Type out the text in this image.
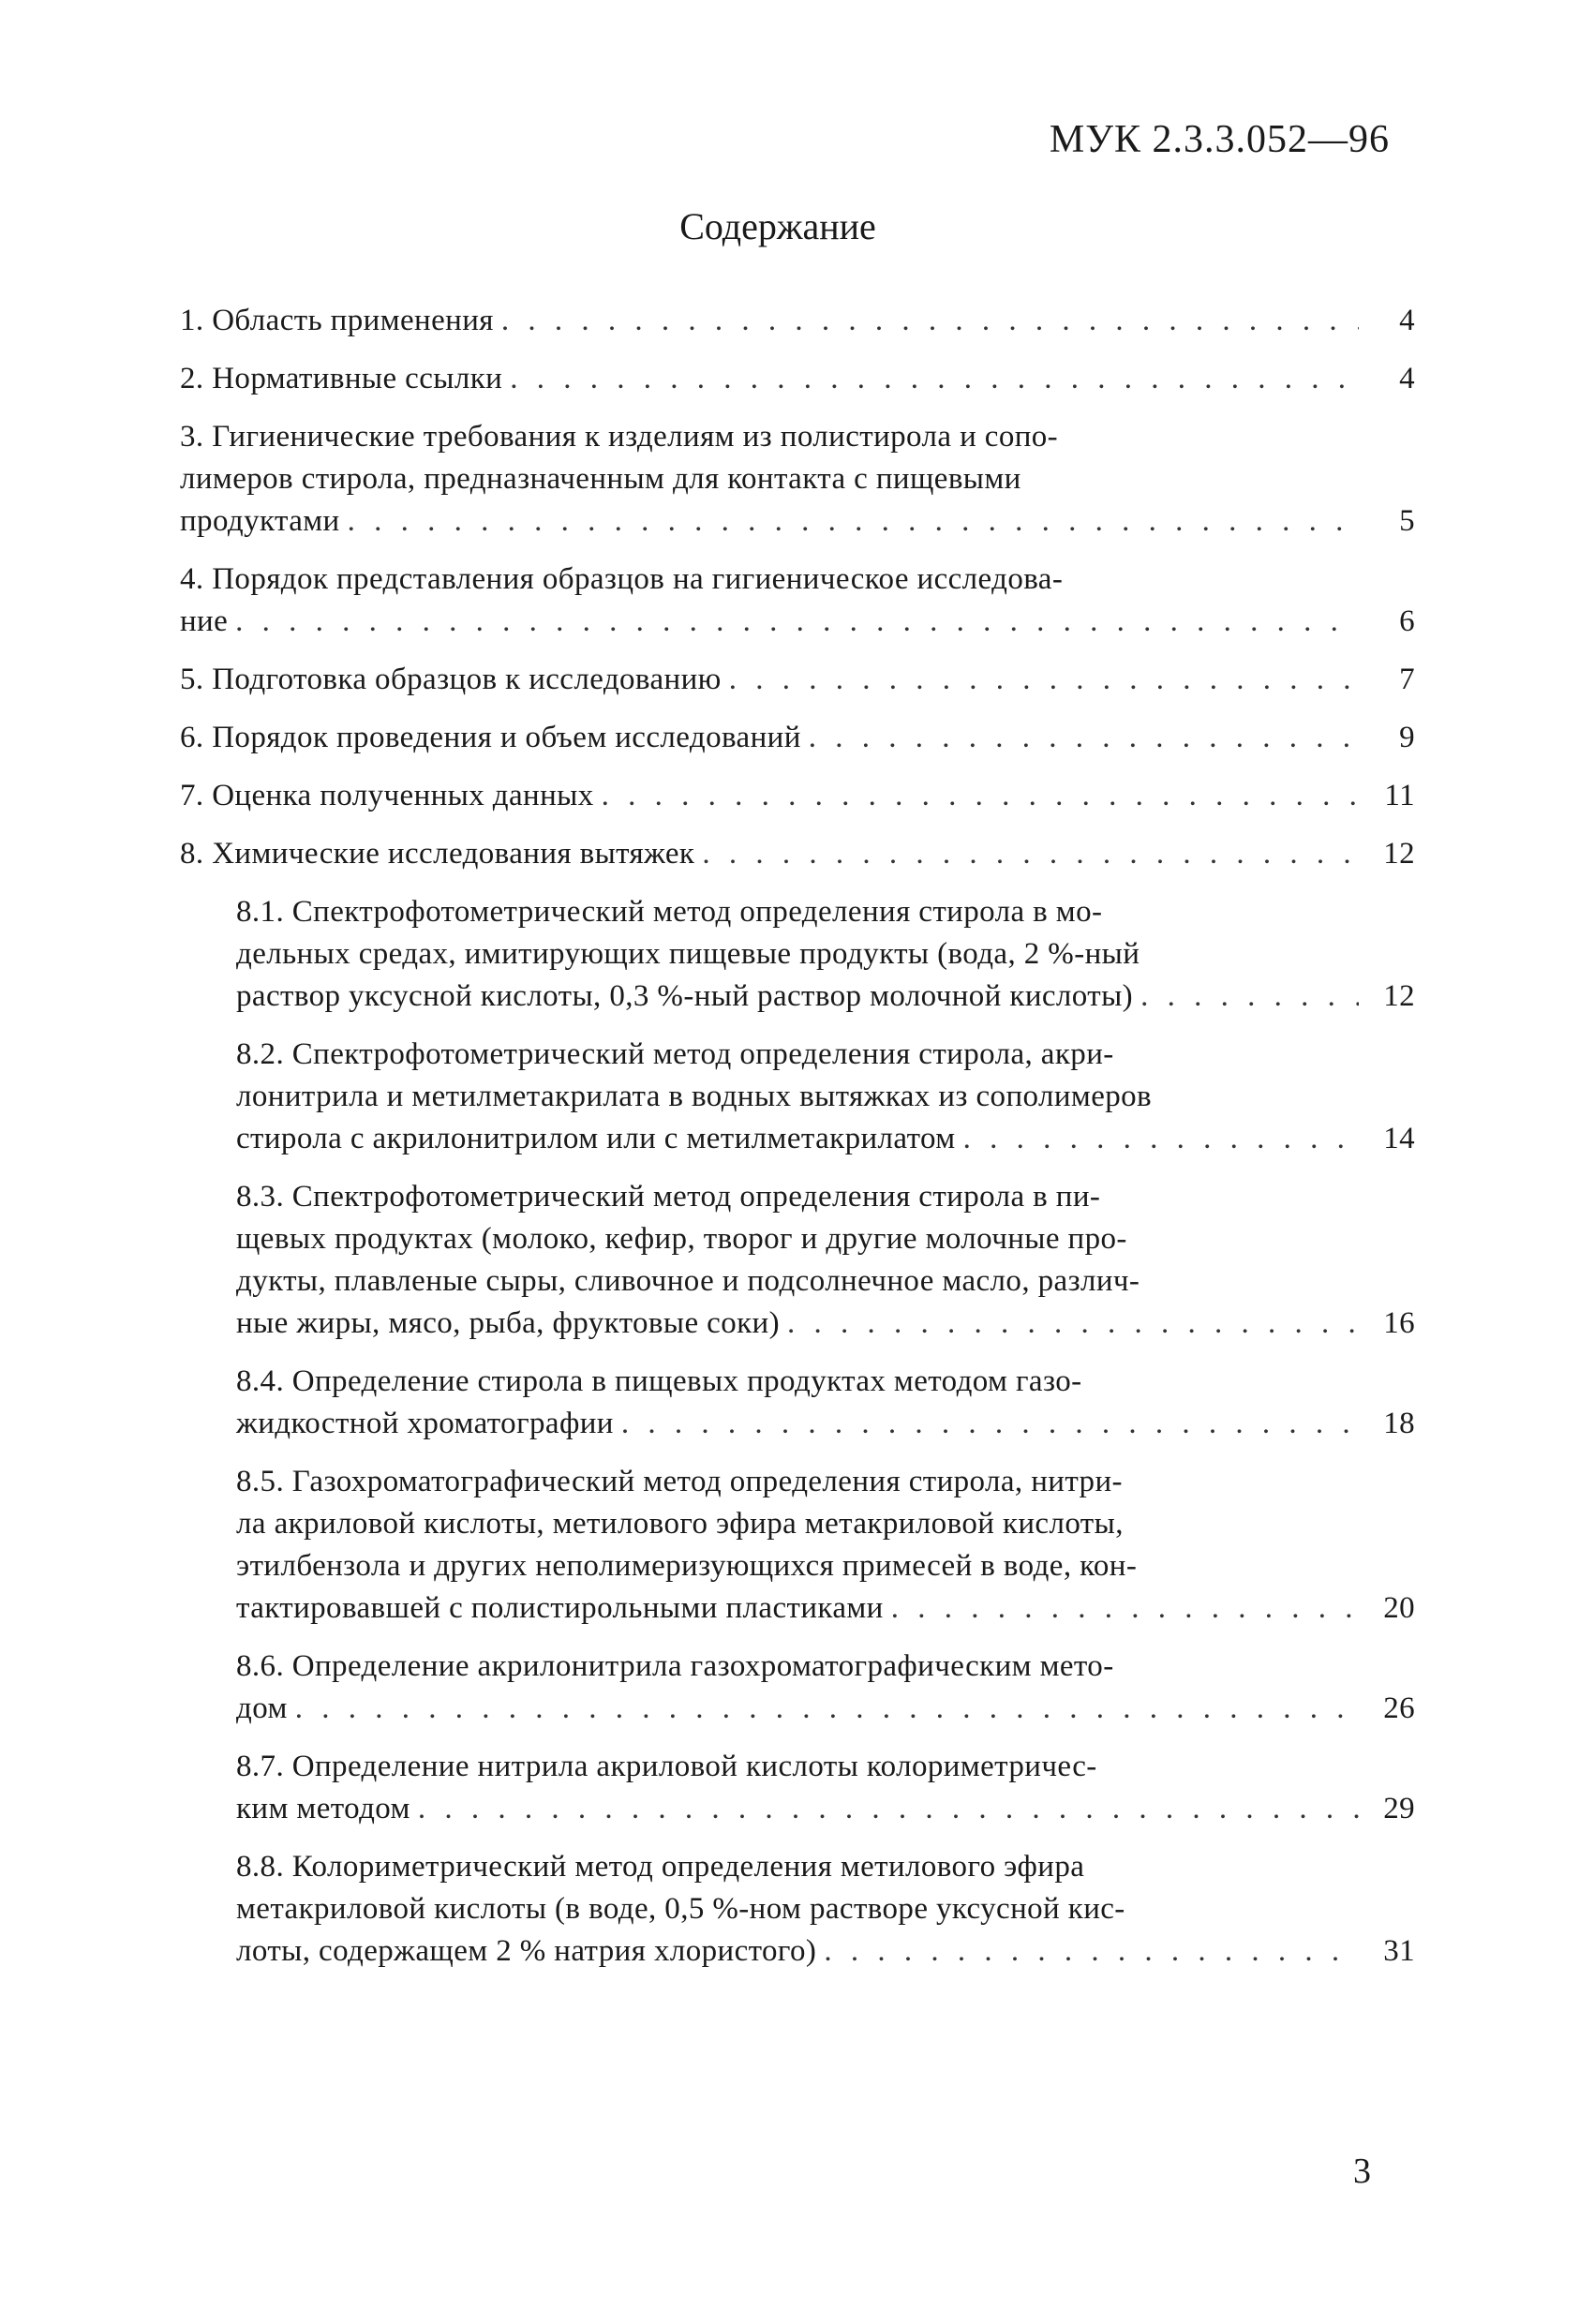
МУК 2.3.3.052—96
Содержание
1. Область применения . . .	4
2. Нормативные ссылки . . .	4
3. Гигиенические требования к изделиям из полистирола и сопо-
лимеров стирола, предназначенным для контакта с пищевыми
продуктами . . .	5
4. Порядок представления образцов на гигиеническое исследова-
ние . . .	6
5. Подготовка образцов к исследованию . . .	7
6. Порядок проведения и объем исследований . . .	9
7. Оценка полученных данных . . .	11
8. Химические исследования вытяжек . . .	12
8.1. Спектрофотометрический метод определения стирола в мо-
дельных средах, имитирующих пищевые продукты (вода, 2 %-ный
раствор уксусной кислоты, 0,3 %-ный раствор молочной кислоты) . . .	12
8.2. Спектрофотометрический метод определения стирола, акри-
лонитрила и метилметакрилата в водных вытяжках из сополимеров
стирола с акрилонитрилом или с метилметакрилатом . . .	14
8.3. Спектрофотометрический метод определения стирола в пи-
щевых продуктах (молоко, кефир, творог и другие молочные про-
дукты, плавленые сыры, сливочное и подсолнечное масло, различ-
ные жиры, мясо, рыба, фруктовые соки) . . .	16
8.4. Определение стирола в пищевых продуктах методом газо-
жидкостной хроматографии . . .	18
8.5. Газохроматографический метод определения стирола, нитри-
ла акриловой кислоты, метилового эфира метакриловой кислоты,
этилбензола и других неполимеризующихся примесей в воде, кон-
тактировавшей с полистирольными пластиками . . .	20
8.6. Определение акрилонитрила газохроматографическим мето-
дом . . .	26
8.7. Определение нитрила акриловой кислоты колориметричес-
ким методом . . .	29
8.8. Колориметрический метод определения метилового эфира
метакриловой кислоты (в воде, 0,5 %-ном растворе уксусной кис-
лоты, содержащем 2 % натрия хлористого) . . .	31
3
